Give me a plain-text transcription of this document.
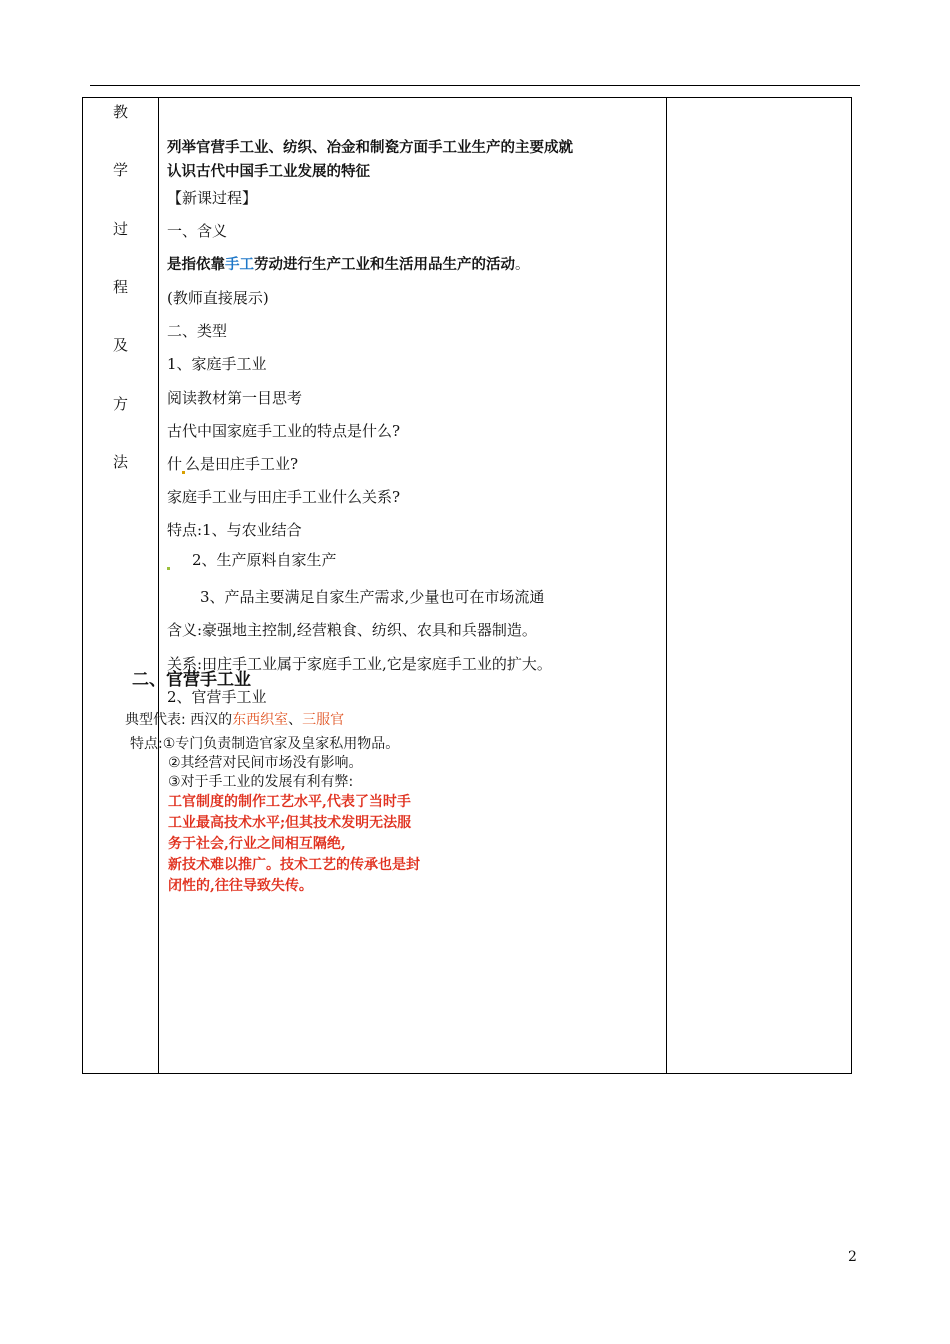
教
学
过
程
及
方
法
列举官营手工业、纺织、冶金和制瓷方面手工业生产的主要成就
认识古代中国手工业发展的特征
【新课过程】
一、含义
是指依靠手工劳动进行生产工业和生活用品生产的活动。
(教师直接展示)
二、类型
1、家庭手工业
阅读教材第一目思考
古代中国家庭手工业的特点是什么?
什 么是田庄手工业?
家庭手工业与田庄手工业什么关系?
特点:1、与农业结合
2、生产原料自家生产
3、产品主要满足自家生产需求,少量也可在市场流通
含义:豪强地主控制,经营粮食、纺织、农具和兵器制造。
关系:田庄手工业属于家庭手工业,它是家庭手工业的扩大。
2、官营手工业
二、官营手工业
典型代表: 西汉的东西织室、三服官
特点:①专门负责制造官家及皇家私用物品。
②其经营对民间市场没有影响。
③对于手工业的发展有利有弊:
工官制度的制作工艺水平,代表了当时手
工业最高技术水平;但其技术发明无法服
务于社会,行业之间相互隔绝,
新技术难以推广。技术工艺的传承也是封
闭性的,往往导致失传。
2
